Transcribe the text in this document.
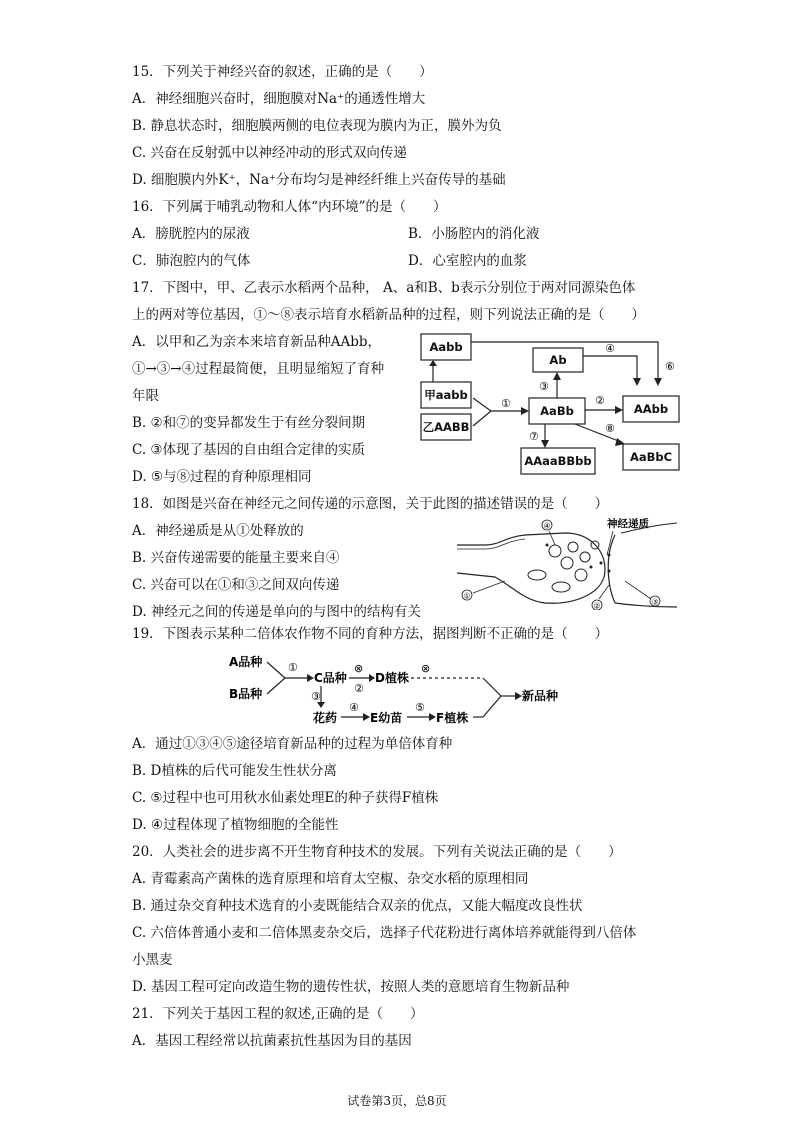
15．下列关于神经兴奋的叙述，正确的是（　　）
A．神经细胞兴奋时，细胞膜对Na⁺的通透性增大
B. 静息状态时，细胞膜两侧的电位表现为膜内为正，膜外为负
C. 兴奋在反射弧中以神经冲动的形式双向传递
D. 细胞膜内外K⁺，Na⁺分布均匀是神经纤维上兴奋传导的基础
16．下列属于哺乳动物和人体“内环境”的是（　　）
A．膀胱腔内的尿液	B．小肠腔内的消化液
C．肺泡腔内的气体	D．心室腔内的血浆
17．下图中，甲、乙表示水稻两个品种， A、a和B、b表示分别位于两对同源染色体
上的两对等位基因，①～⑧表示培育水稻新品种的过程，则下列说法正确的是（　　）
A．以甲和乙为亲本来培育新品种AAbb，
①→③→④过程最简便，且明显缩短了育种
年限
B. ②和⑦的变异都发生于有丝分裂间期
C. ③体现了基因的自由组合定律的实质
D. ⑤与⑧过程的育种原理相同
Aabb
⑥
甲aabb
乙AABB
①
AaBb
Ab
③
④
AAbb
②
⑦
AAaaBBbb
⑧
AaBbC
18．如图是兴奋在神经元之间传递的示意图，关于此图的描述错误的是（　　）
A．神经递质是从①处释放的
B. 兴奋传递需要的能量主要来自④
C. 兴奋可以在①和③之间双向传递
D. 神经元之间的传递是单向的与图中的结构有关
④	神经递质
①
②	③
19．下图表示某种二倍体农作物不同的育种方法，据图判断不正确的是（　　）
A品种
B品种
①
C品种
⊗
②
D植株
⊗
③
花药
④
E幼苗
⑤
F植株
新品种
A．通过①③④⑤途径培育新品种的过程为单倍体育种
B. D植株的后代可能发生性状分离
C. ⑤过程中也可用秋水仙素处理E的种子获得F植株
D. ④过程体现了植物细胞的全能性
20．人类社会的进步离不开生物育种技术的发展。下列有关说法正确的是（　　）
A. 青霉素高产菌株的选育原理和培育太空椒、杂交水稻的原理相同
B. 通过杂交育种技术选育的小麦既能结合双亲的优点，又能大幅度改良性状
C. 六倍体普通小麦和二倍体黑麦杂交后，选择子代花粉进行离体培养就能得到八倍体
小黑麦
D. 基因工程可定向改造生物的遗传性状，按照人类的意愿培育生物新品种
21．下列关于基因工程的叙述,正确的是（　　）
A．基因工程经常以抗菌素抗性基因为目的基因
试卷第3页，总8页
